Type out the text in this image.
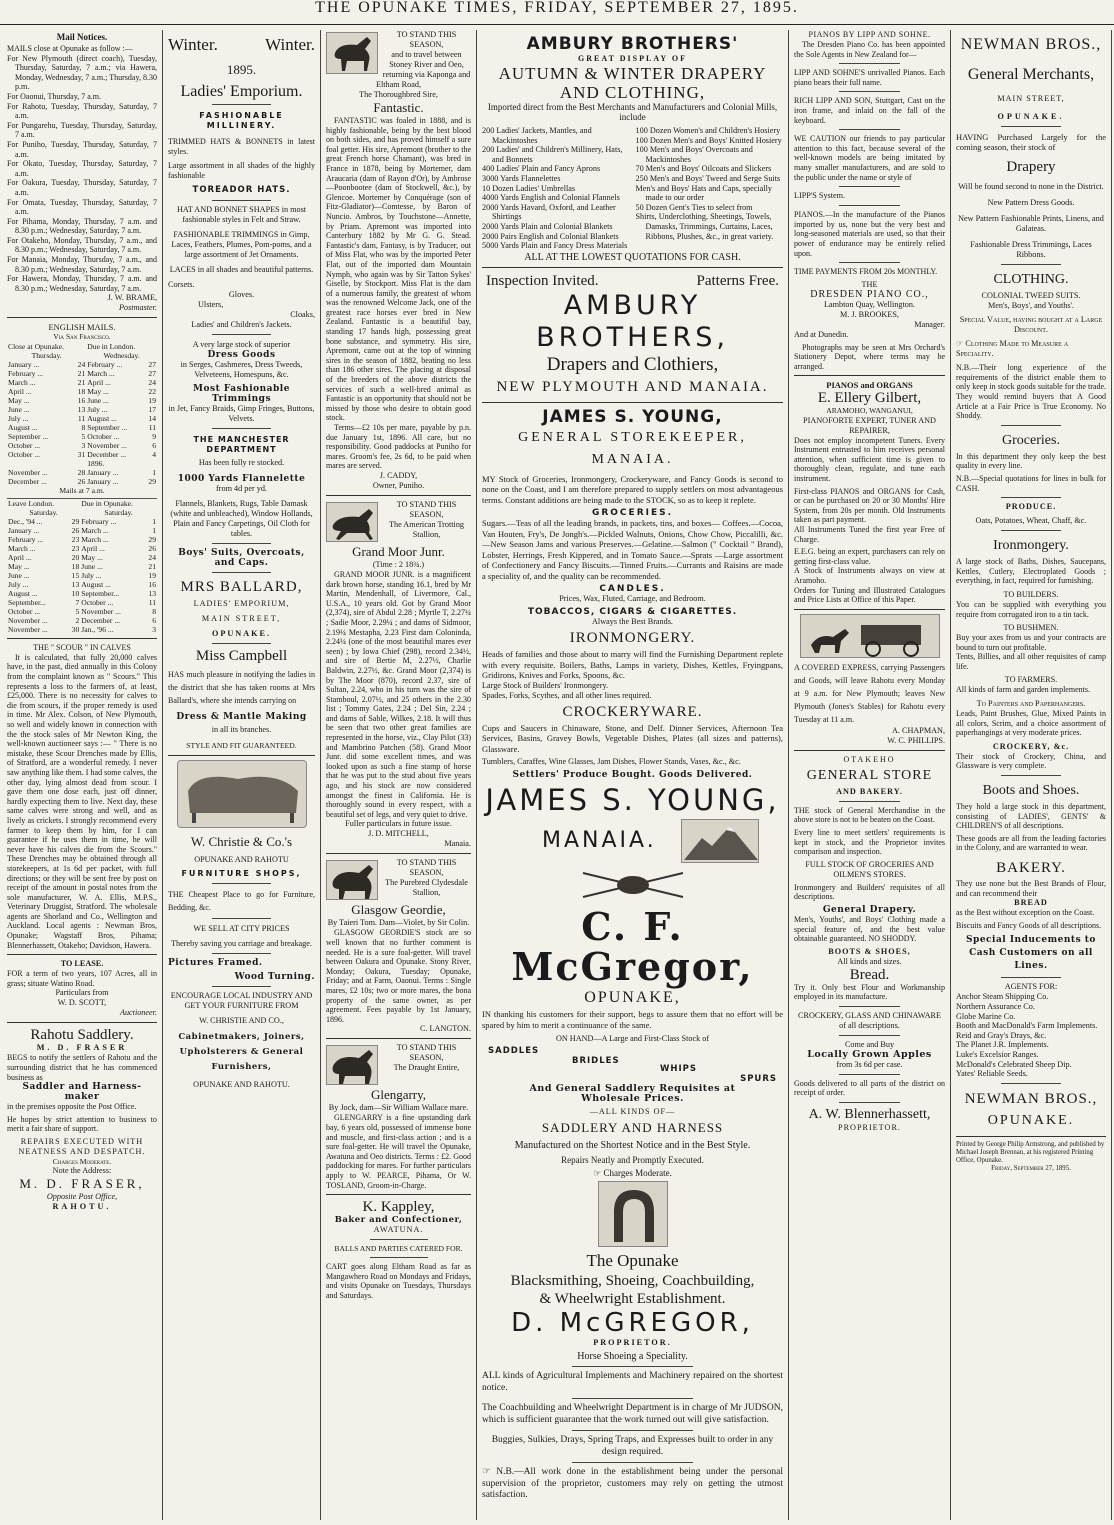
THE OPUNAKE TIMES, FRIDAY, SEPTEMBER 27, 1895.
Mail Notices.

MAILS close at Opunake as follow :—

For New Plymouth (direct coach), Tuesday, Thursday, Saturday, 7 a.m.; via Hawera, Monday, Wednesday, 7 a.m.; Thursday, 8.30 p.m.

For Oaonui, Thursday, 7 a.m.

For Rahotu, Tuesday, Thursday, Saturday, 7 a.m.

For Pungarehu, Tuesday, Thursday, Saturday, 7 a.m.

For Puniho, Tuesday, Thursday, Saturday, 7 a.m.

For Okato, Tuesday, Thursday, Saturday, 7 a.m.

For Oakura, Tuesday, Thursday, Saturday, 7 a.m.

For Omata, Tuesday, Thursday, Saturday, 7 a.m.

For Pihama, Monday, Thursday, 7 a.m. and 8.30 p.m.; Wednesday, Saturday, 7 a.m.

For Otakeho, Monday, Thursday, 7 a.m., and 8.30 p.m.; Wednesday, Saturday, 7 a.m.

For Manaia, Monday, Thursday, 7 a.m., and 8.30 p.m.; Wednesday, Saturday, 7 a.m.

For Hawera, Monday, Thursday, 7 a.m. and 8.30 p.m.; Wednesday, Saturday, 7 a.m.

J. W. BRAME,

Postmaster.

ENGLISH MAILS.
Via San Francisco.
Close at Opunake.		Due in London.	
Thursday.		Wednesday.	
January ...	24	February ...	27
February ...	21	March ...	27
March ...	21	April ...	24
April ...	18	May ...	22
May ...	16	June ...	19
June ...	13	July ...	17
July ...	11	August ...	14
August ...	8	September ...	11
September ...	5	October ...	9
October ...	3	November ...	6
October ...	31	December ...	4
		1896.	
November ...	28	January ...	1
December ...	26	January ...	29
Mails at 7 a.m.
Leave London.		Due in Opunake.	
Saturday.		Saturday.	
Dec., '94 ...	29	February ...	1
January ...	26	March ...	1
February ...	23	March ...	29
March ...	23	April ...	26
April ...	20	May ...	24
May ...	18	June ...	21
June ...	15	July ...	19
July ...	13	August ...	16
August ...	10	September...	13
September...	7	October ...	11
October ...	5	November ...	8
November ...	2	December ...	6
November ...	30	Jan., '96 ...	3
THE " SCOUR " IN CALVES

It is calculated, that fully 20,000 calves have, in the past, died annually in this Colony from the complaint known as " Scours." This represents a loss to the farmers of, at least, £25,000. There is no necessity for calves to die from scours, if the proper remedy is used in time. Mr Alex. Colson, of New Plymouth, so well and widely known in connection with the the stock sales of Mr Newton King, the well-known auctioneer says :— " There is no mistake, these Scour Drenches made by Ellis, of Stratford, are a wonderful remedy. I never saw anything like them. I had some calves, the other day, lying almost dead from scour. I gave them one dose each, just off dinner, hardly expecting them to live. Next day, these same calves were strong and well, and as lively as crickets. I strongly recommend every farmer to keep them by him, for I can guarantee if he uses them in time, he will never have his calves die from the Scours." These Drenches may be obtained through all storekeepers, at 1s 6d per packet, with full directions; or they will be sent free by post on receipt of the amount in postal notes from the sole manufacturer, W. A. Ellis, M.P.S., Veterinary Druggist, Stratford. The wholesale agents are Shorland and Co., Wellington and Auckland. Local agents : Newman Bros, Opunake; Wagstaff Bros, Pihama; Blennerhassett, Otakeho; Davidson, Hawera.

TO LEASE.

FOR a term of two years, 107 Acres, all in grass; situate Watino Road.

Particulars from

W. D. SCOTT,

Auctioneer.

Rahotu Saddlery.
M. D. FRASER

BEGS to notify the settlers of Rahotu and the surrounding district that he has commenced business as

Saddler and Harness-maker

in the premises opposite the Post Office.

He hopes by strict attention to business to merit a fair share of support.

REPAIRS EXECUTED WITH NEATNESS AND DESPATCH.

Charges Moderate.

Note the Address:

M. D. FRASER,

Opposite Post Office,

RAHOTU.
Winter.	Winter.
1895.
Ladies' Emporium.
FASHIONABLE
MILLINERY.

TRIMMED HATS & BONNETS in latest styles.

Large assortment in all shades of the highly fashionable

TOREADOR HATS.

HAT AND BONNET SHAPES in most fashionable styles in Felt and Straw.

FASHIONABLE TRIMMINGS in Gimp, Laces, Feathers, Plumes, Pom-poms, and a large assortment of Jet Ornaments.

LACES in all shades and beautiful patterns.

Corsets.

Gloves.

Ulsters,

Cloaks,

Ladies' and Children's Jackets.

A very large stock of superior

Dress Goods

in Serges, Cashmeres, Dress Tweeds, Velveteens, Homespuns, &c.

Most Fashionable Trimmings

in Jet, Fancy Braids, Gimp Fringes, Buttons, Velvets.

THE MANCHESTER DEPARTMENT

Has been fully re stocked.

1000 Yards Flannelette

from 4d per yd.

Flannels, Blankets, Rugs, Table Damask (white and unbleached), Window Hollands, Plain and Fancy Carpetings, Oil Cloth for tables.

Boys' Suits, Overcoats, and Caps.
MRS BALLARD,

LADIES' EMPORIUM,

MAIN STREET,

OPUNAKE.

Miss Campbell

HAS much pleasure in notifying the ladies in the district that she has taken rooms at Mrs Ballard's, where she intends carrying on

Dress & Mantle Making

in all its branches.

STYLE AND FIT GUARANTEED.

W. Christie & Co.'s

OPUNAKE AND RAHOTU

FURNITURE SHOPS,

THE Cheapest Place to go for Furniture, Bedding, &c.

WE SELL AT CITY PRICES

Thereby saving you carriage and breakage.

Pictures Framed.
Wood Turning.

ENCOURAGE LOCAL INDUSTRY AND GET YOUR FURNITURE FROM

W. CHRISTIE AND CO.,

Cabinetmakers, Joiners, Upholsterers & General Furnishers,

OPUNAKE AND RAHOTU.

TO STAND THIS SEASON,

and to travel between Stoney River and Oeo, returning via Kaponga and Eltham Road,

The Thoroughbred Sire,

Fantastic.

FANTASTIC was foaled in 1888, and is highly fashionable, being by the best blood on both sides, and has proved himself a sure foal getter. His sire, Apremont (brother to the great French horse Chamant), was bred in France in 1878, being by Mortemer, dam Araucaria (dam of Rayon d'Or), by Ambrose—Poonbootee (dam of Stockwell, &c.), by Glencoe. Mortemer by Conquérage (son of Fitz-Gladiator)—Comtesse, by Baron of Nuncio. Ambros, by Touchstone—Annette, by Priam. Apremont was imported into Canterbury 1882 by Mr G. G. Stead. Fantastic's dam, Fantasy, is by Traducer, out of Miss Flat, who was by the imported Peter Flat, out of the imported dam Mountain Nymph, who again was by Sir Tatton Sykes' Giselle, by Stockport. Miss Flat is the dam of a numerous family, the greatest of whom was the renowned Welcome Jack, one of the greatest race horses ever bred in New Zealand. Fantastic is a beautiful bay, standing 17 hands high, possessing great bone substance, and symmetry. His sire, Apremont, came out at the top of winning sires in the season of 1882, beating no less than 186 other sires. The placing at disposal of the breeders of the above districts the services of such a well-bred animal as Fantastic is an opportunity that should not be missed by those who desire to obtain good stock.

Terms—£2 10s per mare, payable by p.n. due January 1st, 1896. All care, but no responsibility. Good paddocks at Puniho for mares. Groom's fee, 2s 6d, to be paid when mares are served.

J. CADDY,

Owner, Puniho.

TO STAND THIS SEASON,

The American Trotting Stallion,

Grand Moor Junr.

(Time : 2 18¾.)

GRAND MOOR JUNR. is a magnificent dark brown horse, standing 16.1, bred by Mr Martin, Mendenhall, of Livermore, Cal., U.S.A., 10 years old. Got by Grand Moor (2,374), sire of Abdul 2.28 ; Myrtle T, 2.27¼ ; Sadie Moor, 2.29¼ ; and dams of Sidmoor, 2.19¼ Mestapha, 2.23 First dam Coloninda, 2.24¼ (one of the most beautiful mares ever seen) ; by Iowa Chief (298), record 2.34½, and sire of Bertie M, 2.27½, Charlie Baldwin, 2.27½, &c. Grand Moor (2,374) is by The Moor (870), record 2.37, sire of Sultan, 2.24, who in his turn was the sire of Stamboul, 2.07½, and 25 others in the 2.30 list ; Tommy Gates, 2.24 ; Del Sin, 2.24 ; and dams of Sable, Wilkes, 2.18. It will thus be seen that two other great families are represented in the horse, viz., Clay Pilot (33) and Mambrino Patchen (58). Grand Moor Junr. did some excellent times, and was looked upon as such a fine stamp of horse that he was put to the stud about five years ago, and his stock are now considered amongst the finest in California. He is thoroughly sound in every respect, with a beautiful set of legs, and very quiet to drive.

Fuller particulars in future issue.

J. D. MITCHELL,

Manaia.

TO STAND THIS SEASON,

The Purebred Clydesdale Stallion,

Glasgow Geordie,

By Taieri Tom. Dam—Violet, by Sir Colin.

GLASGOW GEORDIE'S stock are so well known that no further comment is needed. He is a sure foal-getter. Will travel between Oakura and Opunake. Stony River, Monday; Oakura, Tuesday; Opunake, Friday; and at Farm, Oaonui. Terms : Single mares, £2 10s; two or more mares, the bona property of the same owner, as per agreement. Fees payable by 1st January, 1896.

C. LANGTON.

TO STAND THIS SEASON,

The Draught Entire,

Glengarry,

By Jock, dam—Sir William Wallace mare.

GLENGARRY is a fine upstanding dark bay, 6 years old, possessed of immense bone and muscle, and first-class action ; and is a sure foal-getter. He will travel the Opunake, Awatuna and Oeo districts. Terms : £2. Good paddocking for mares. For further particulars apply to W. PEARCE, Pihama, Or W. TOSLAND, Groom-in-Charge.

K. Kappley,
Baker and Confectioner,

AWATUNA.

BALLS AND PARTIES CATERED FOR.

CART goes along Eltham Road as far as Mangawhero Road on Mondays and Fridays, and visits Opunake on Tuesdays, Thursdays and Saturdays.

AMBURY BROTHERS'
GREAT DISPLAY OF
AUTUMN & WINTER DRAPERY
AND CLOTHING,

Imported direct from the Best Merchants and Manufacturers and Colonial Mills, include

200 Ladies' Jackets, Mantles, and Mackintoshes
200 Ladies' and Children's Millinery, Hats, and Bonnets
400 Ladies' Plain and Fancy Aprons
3000 Yards Flannelettes
10 Dozen Ladies' Umbrellas
4000 Yards English and Colonial Flannels
2000 Yards Havard, Oxford, and Leather Shirtings
2000 Yards Plain and Colonial Blankets
2000 Pairs English and Colonial Blankets
5000 Yards Plain and Fancy Dress Materials
100 Dozen Women's and Children's Hosiery
100 Dozen Men's and Boys' Knitted Hosiery
100 Men's and Boys' Overcoats and Mackintoshes
70 Men's and Boys' Oilcoats and Slickers
250 Men's and Boys' Tweed and Serge Suits
Men's and Boys' Hats and Caps, specially made to our order
50 Dozen Gent's Ties to select from
Shirts, Underclothing, Sheetings, Towels, Damasks, Trimmings, Curtains, Laces, Ribbons, Plushes, &c., in great variety.
ALL AT THE LOWEST QUOTATIONS FOR CASH.
Inspection Invited.	Patterns Free.
AMBURY BROTHERS,
Drapers and Clothiers,
NEW PLYMOUTH AND MANAIA.
JAMES S. YOUNG,
GENERAL STOREKEEPER,
MANAIA.

MY Stock of Groceries, Ironmongery, Crockeryware, and Fancy Goods is second to none on the Coast, and I am therefore prepared to supply settlers on most advantageous terms. Constant additions are being made to the STOCK, so as to keep it replete.

GROCERIES.

Sugars.—Teas of all the leading brands, in packets, tins, and boxes— Coffees.—Cocoa, Van Houten, Fry's, De Jongh's.—Pickled Walnuts, Onions, Chow Chow, Piccalilli, &c.—New Season Jams and various Preserves.—Gelatine.—Salmon (" Cocktail " Brand), Lobster, Herrings, Fresh Kippered, and in Tomato Sauce.—Sprats —Large assortment of Confectionery and Fancy Biscuits.—Tinned Fruits.—Currants and Raisins are made a speciality of, and the quality can be recommended.

CANDLES.

Prices, Wax, Fluted, Carriage, and Bedroom.

TOBACCOS, CIGARS & CIGARETTES.

Always the Best Brands.

IRONMONGERY.

Heads of families and those about to marry will find the Furnishing Department replete with every requisite. Boilers, Baths, Lamps in variety, Dishes, Kettles, Fryingpans, Gridirons, Knives and Forks, Spoons, &c.

Large Stock of Builders' Ironmongery.

Spades, Forks, Scythes, and all other lines required.

CROCKERYWARE.

Cups and Saucers in Chinaware, Stone, and Delf. Dinner Services, Afternoon Tea Services, Basins, Gravey Bowls, Vegetable Dishes, Plates (all sizes and patterns), Glassware.

Tumblers, Caraffes, Wine Glasses, Jam Dishes, Flower Stands, Vases, &c., &c.

Settlers' Produce Bought. Goods Delivered.
JAMES S. YOUNG,
MANAIA.
C. F. McGregor,
OPUNAKE,

IN thanking his customers for their support, begs to assure them that no effort will be spared by him to merit a continuance of the same.

ON HAND—A Large and First-Class Stock of

SADDLES
BRIDLES
WHIPS
SPURS
And General Saddlery Requisites at
Wholesale Prices.

—ALL KINDS OF—

SADDLERY AND HARNESS

Manufactured on the Shortest Notice and in the Best Style.

Repairs Neatly and Promptly Executed.

☞ Charges Moderate.

The Opunake
Blacksmithing, Shoeing, Coachbuilding,
& Wheelwright Establishment.
D. McGREGOR,
PROPRIETOR.

Horse Shoeing a Speciality.

ALL kinds of Agricultural Implements and Machinery repaired on the shortest notice.

The Coachbuilding and Wheelwright Department is in charge of Mr JUDSON, which is sufficient guarantee that the work turned out will give satisfaction.

Buggies, Sulkies, Drays, Spring Traps, and Expresses built to order in any design required.

☞ N.B.—All work done in the establishment being under the personal supervision of the proprietor, customers may rely on getting the utmost satisfaction.

PIANOS BY LIPP AND SOHNE.

The Dresden Piano Co. has been appointed the Sole Agents in New Zealand for—

LIPP AND SOHNE'S unrivalled Pianos. Each piano bears their full name.

RICH LIPP AND SON, Stuttgart, Cast on the iron frame, and inlaid on the fall of the keyboard.

WE CAUTION our friends to pay particular attention to this fact, because several of the well-known models are being imitated by many smaller manufacturers, and are sold to the public under the name or style of

LIPP'S System.

PIANOS.—In the manufacture of the Pianos imported by us, none but the very best and long-seasoned materials are used, so that their power of endurance may be entirely relied upon.

TIME PAYMENTS FROM 20s MONTHLY.

THE

DRESDEN PIANO CO.,

Lambton Quay, Wellington.

M. J. BROOKES,

Manager.

And at Dunedin.

Photographs may be seen at Mrs Orchard's Stationery Depot, where terms may be arranged.

PIANOS and ORGANS
E. Ellery Gilbert,

ARAMOHO, WANGANUI,

PIANOFORTE EXPERT, TUNER AND REPAIRER,

Does not employ incompetent Tuners. Every Instrument entrusted to him receives personal attention, when sufficient time is given to thoroughly clean, regulate, and tune each instrument.

First-class PIANOS and ORGANS for Cash, or can be purchased on 20 or 30 Months' Hire System, from 20s per month. Old Instruments taken as part payment.

All Instruments Tuned the first year Free of Charge.

E.E.G. being an expert, purchasers can rely on getting first-class value.

A Stock of Instruments always on view at Aramoho.

Orders for Tuning and Illustrated Catalogues and Price Lists at Office of this Paper.

A COVERED EXPRESS, carrying Passengers and Goods, will leave Rahotu every Monday at 9 a.m. for New Plymouth; leaves New Plymouth (Jones's Stables) for Rahotu every Tuesday at 11 a.m.

A. CHAPMAN,

W. C. PHILLIPS.

OTAKEHO
GENERAL STORE
AND BAKERY.

THE stock of General Merchandise in the above store is not to be beaten on the Coast.

Every line to meet settlers' requirements is kept in stock, and the Proprietor invites comparison and inspection.

FULL STOCK OF GROCERIES AND OILMEN'S STORES.

Ironmongery and Builders' requisites of all descriptions.

General Drapery.

Men's, Youths', and Boys' Clothing made a special feature of, and the best value obtainable guaranteed. NO SHODDY.

BOOTS & SHOES,

All kinds and sizes.

Bread.

Try it. Only best Flour and Workmanship employed in its manufacture.

CROCKERY, GLASS AND CHINAWARE

of all descriptions.

Come and Buy

Locally Grown Apples

from 3s 6d per case.

Goods delivered to all parts of the district on receipt of order.

A. W. Blennerhassett,

PROPRIETOR.

NEWMAN BROS.,
General Merchants,

MAIN STREET,

OPUNAKE.

HAVING Purchased Largely for the coming season, their stock of

Drapery

Will be found second to none in the District.

New Pattern Dress Goods.

New Pattern Fashionable Prints, Linens, and Galateas.

Fashionable Dress Trimmings, Laces Ribbons.

CLOTHING.

COLONIAL TWEED SUITS.

Men's, Boys', and Youths'.

Special Value, having bought at a Large Discount.

☞ Clothing Made to Measure a Speciality.

N.B.—Their long experience of the requirements of the district enable them to only keep in stock goods suitable for the trade. They would remind buyers that A Good Article at a Fair Price is True Economy. No Shoddy.

Groceries.

In this department they only keep the best quality in every line.

N.B.—Special quotations for lines in bulk for CASH.

PRODUCE.

Oats, Potatoes, Wheat, Chaff, &c.

Ironmongery.

A large stock of Baths, Dishes, Saucepans, Kettles, Cutlery, Electroplated Goods ; everything, in fact, required for furnishing.

TO BUILDERS.

You can be supplied with everything you require from corrugated iron to a tin tack.

TO BUSHMEN.

Buy your axes from us and your contracts are bound to turn out profitable.

Tents, Billies, and all other requisites of camp life.

TO FARMERS.

All kinds of farm and garden implements.

To Painters and Paperhangers.

Leads, Paint Brushes, Glue, Mixed Paints in all colors, Scrim, and a choice assortment of paperhangings at very moderate prices.

CROCKERY, &c.

Their stock of Crockery, China, and Glassware is very complete.

Boots and Shoes.

They hold a large stock in this department, consisting of LADIES', GENTS' & CHILDREN'S of all descriptions.

These goods are all from the leading factories in the Colony, and are warranted to wear.

BAKERY.

They use none but the Best Brands of Flour, and can recommend their

BREAD

as the Best without exception on the Coast.

Biscuits and Fancy Goods of all descriptions.

Special Inducements to Cash Customers on all Lines.

AGENTS FOR:

Anchor Steam Shipping Co.
Northern Assurance Co.
Globe Marine Co.
Booth and MacDonald's Farm Implements.
Reid and Gray's Drays, &c.
The Planet J.R. Implements.
Luke's Excelsior Ranges.
McDonald's Celebrated Sheep Dip.
Yates' Reliable Seeds.
NEWMAN BROS.,
OPUNAKE.

Printed by George Philip Armstrong, and published by Michael Joseph Brennan, at his registered Printing Office, Opunake.

Friday, September 27, 1895.
